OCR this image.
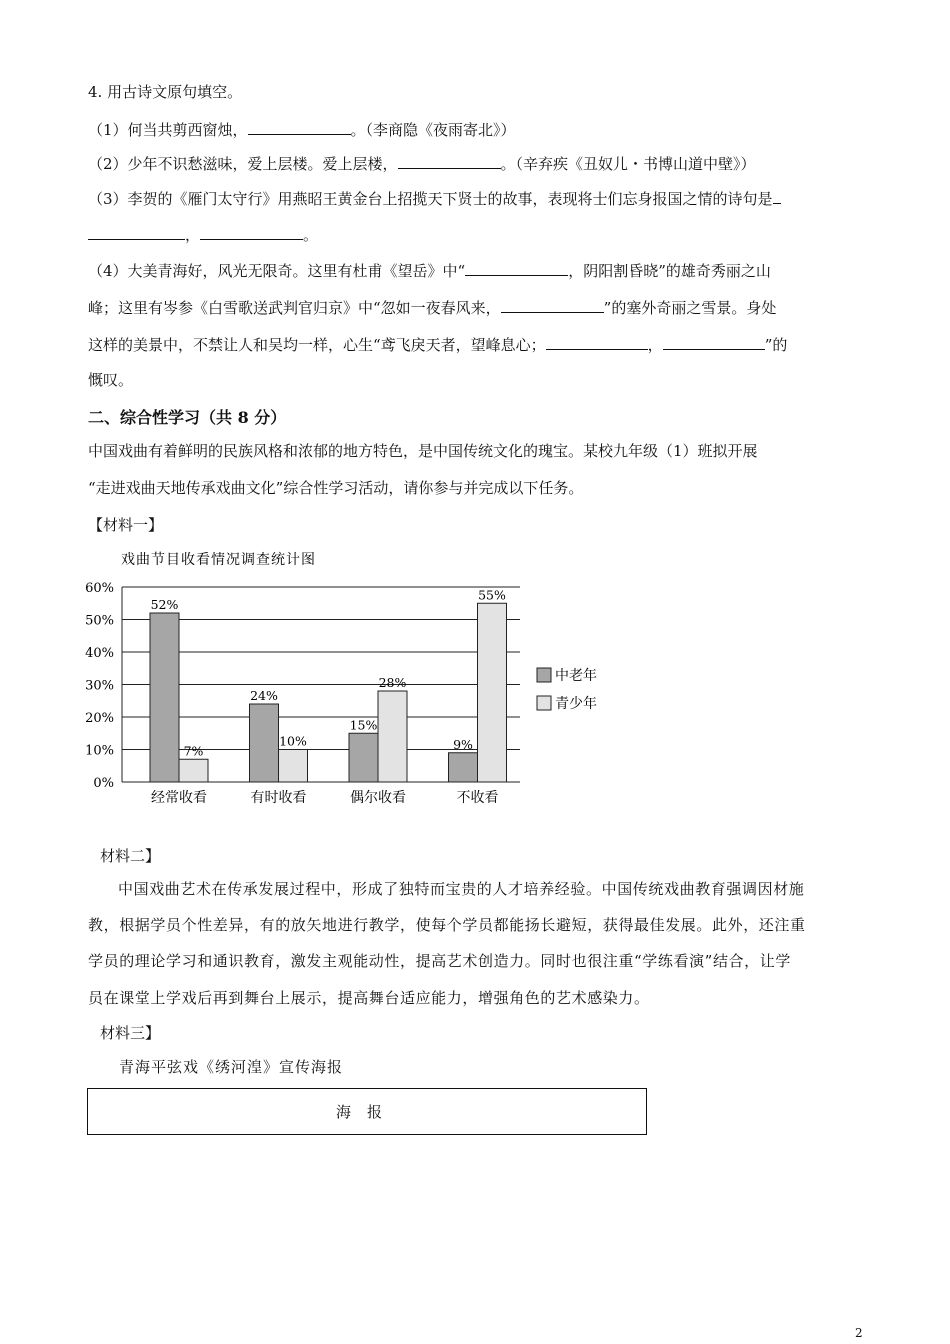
4. 用古诗文原句填空。
（1）何当共剪西窗烛，	。（李商隐《夜雨寄北》）
（2）少年不识愁滋味，爱上层楼。爱上层楼，	。（辛弃疾《丑奴儿・书博山道中壁》）
（3）李贺的《雁门太守行》用燕昭王黄金台上招揽天下贤士的故事，表现将士们忘身报国之情的诗句是
，	。
（4）大美青海好，风光无限奇。这里有杜甫《望岳》中“	，阴阳割昏晓”的雄奇秀丽之山
峰；这里有岑参《白雪歌送武判官归京》中“忽如一夜春风来，	”的塞外奇丽之雪景。身处
这样的美景中，不禁让人和吴均一样，心生“鸢飞戾天者，望峰息心；	，	”的
慨叹。
二、综合性学习（共 8 分）
中国戏曲有着鲜明的民族风格和浓郁的地方特色，是中国传统文化的瑰宝。某校九年级（1）班拟开展
“走进戏曲天地传承戏曲文化”综合性学习活动，请你参与并完成以下任务。
【材料一】
戏曲节目收看情况调查统计图
0%
10%
20%
30%
40%
50%
60%
52%
7%
经常收看
24%
10%
有时收看
15%
28%
偶尔收看
9%
55%
不收看
中老年
青少年
材料二】
中国戏曲艺术在传承发展过程中，形成了独特而宝贵的人才培养经验。中国传统戏曲教育强调因材施
教，根据学员个性差异，有的放矢地进行教学，使每个学员都能扬长避短，获得最佳发展。此外，还注重
学员的理论学习和通识教育，激发主观能动性，提高艺术创造力。同时也很注重“学练看演”结合，让学
员在课堂上学戏后再到舞台上展示，提高舞台适应能力，增强角色的艺术感染力。
材料三】
青海平弦戏《绣河湟》宣传海报
海报
2
